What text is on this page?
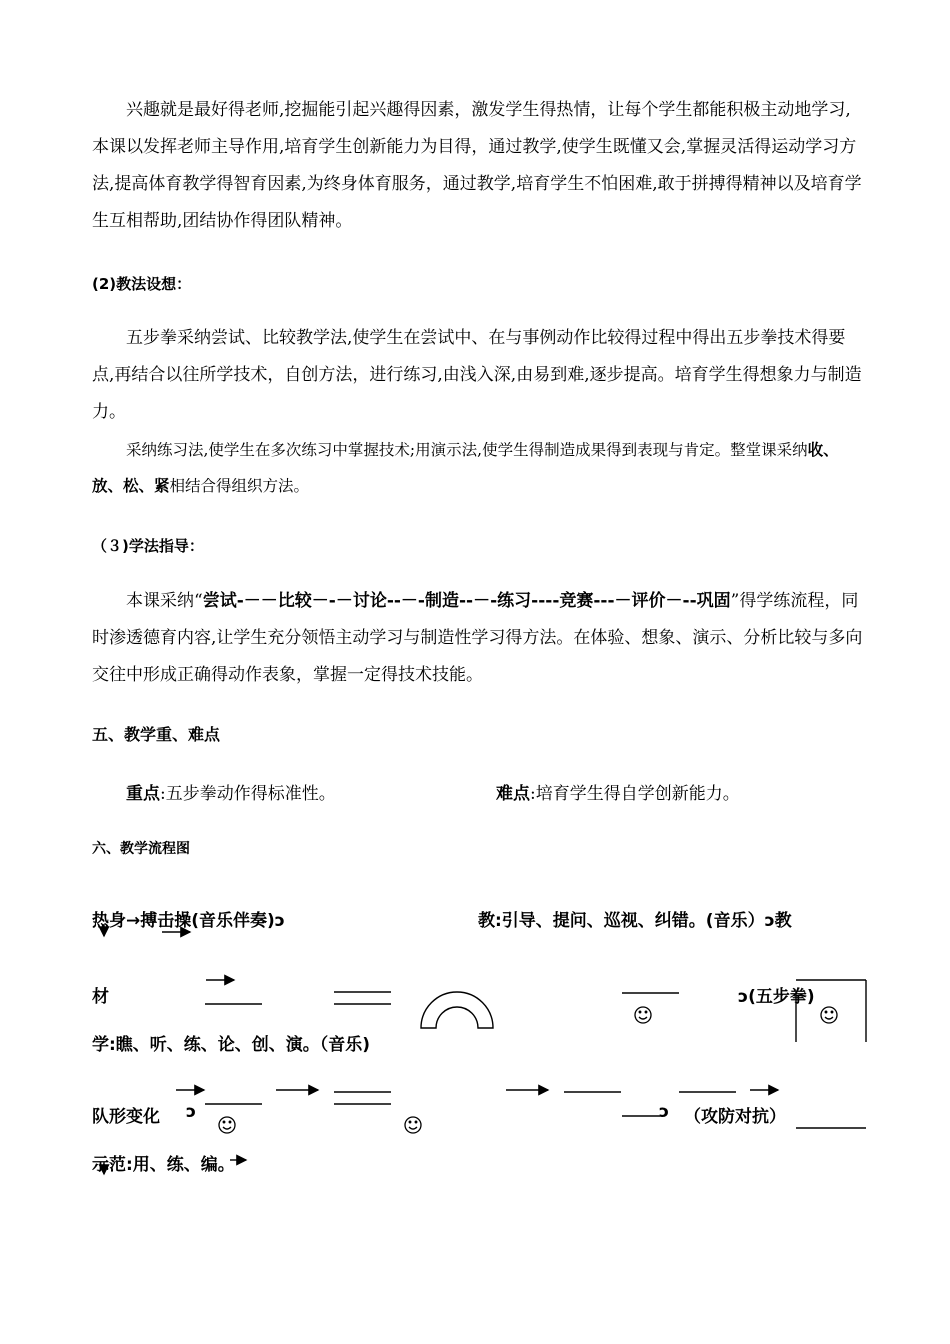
兴趣就是最好得老师,挖掘能引起兴趣得因素，激发学生得热情，让每个学生都能积极主动地学习,本课以发挥老师主导作用,培育学生创新能力为目得，通过教学,使学生既懂又会,掌握灵活得运动学习方法,提高体育教学得智育因素,为终身体育服务，通过教学,培育学生不怕困难,敢于拼搏得精神以及培育学生互相帮助,团结协作得团队精神。

(2)教法设想：

五步拳采纳尝试、比较教学法,使学生在尝试中、在与事例动作比较得过程中得出五步拳技术得要点,再结合以往所学技术，自创方法，进行练习,由浅入深,由易到难,逐步提高。培育学生得想象力与制造力。

采纳练习法,使学生在多次练习中掌握技术;用演示法,使学生得制造成果得到表现与肯定。整堂课采纳收、放、松、紧相结合得组织方法。

（３)学法指导：

本课采纳“尝试-－－比较－-－讨论--－-制造--－-练习----竞赛---－评价－--巩固”得学练流程，同时渗透德育内容,让学生充分领悟主动学习与制造性学习得方法。在体验、想象、演示、分析比较与多向交往中形成正确得动作表象，掌握一定得技术技能。

五、教学重、难点

重点:五步拳动作得标准性。	难点:培育学生得自学创新能力。

六、教学流程图

热身→搏击操(音乐伴奏)ↄ	教:引导、提问、巡视、纠错。(音乐）ↄ教
材	ↄ(五步拳)
学:瞧、听、练、论、创、演。（音乐)
队形变化 ↄ	ↄ （攻防对抗）
示范:用、练、编。
